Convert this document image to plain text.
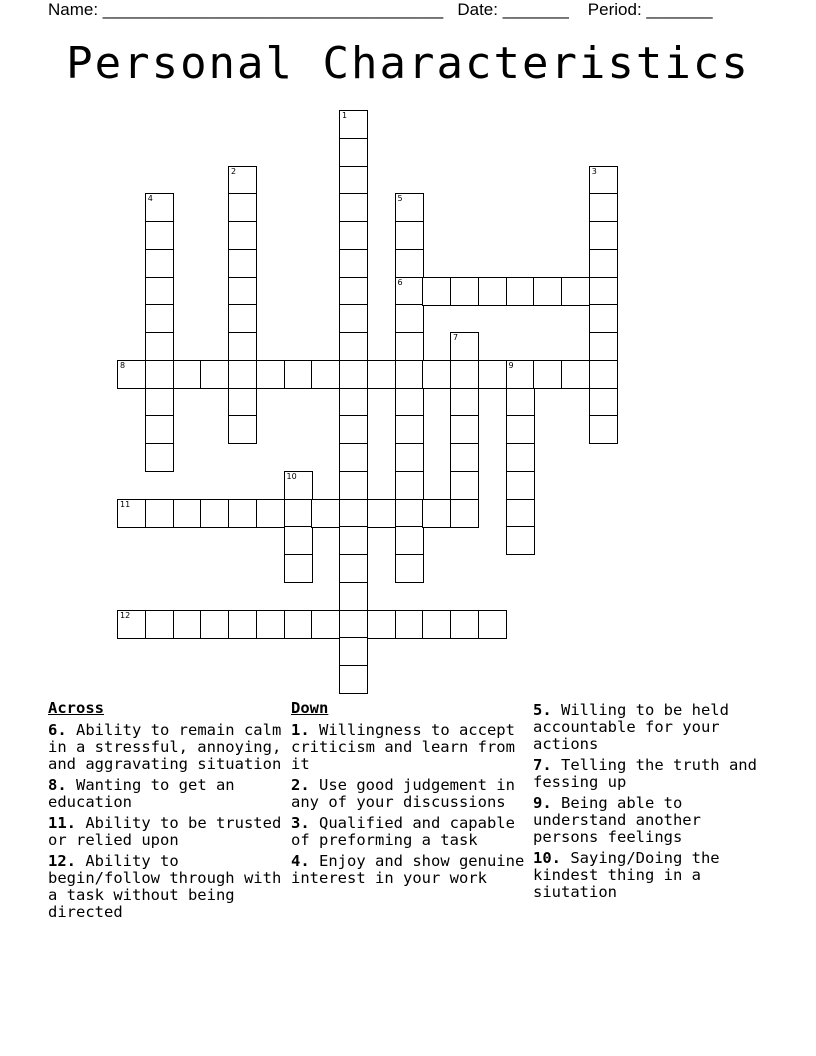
Name: ____________________________________ Date: _______ Period: _______
Personal Characteristics
1
2	3
4	5
6
7
8	9
10
11
12
Across
6. Ability to remain calm in a stressful, annoying, and aggravating situation
8. Wanting to get an education
11. Ability to be trusted or relied upon
12. Ability to begin/follow through with a task without being directed
Down
1. Willingness to accept criticism and learn from it
2. Use good judgement in any of your discussions
3. Qualified and capable of preforming a task
4. Enjoy and show genuine interest in your work
5. Willing to be held accountable for your actions
7. Telling the truth and fessing up
9. Being able to understand another persons feelings
10. Saying/Doing the kindest thing in a siutation
